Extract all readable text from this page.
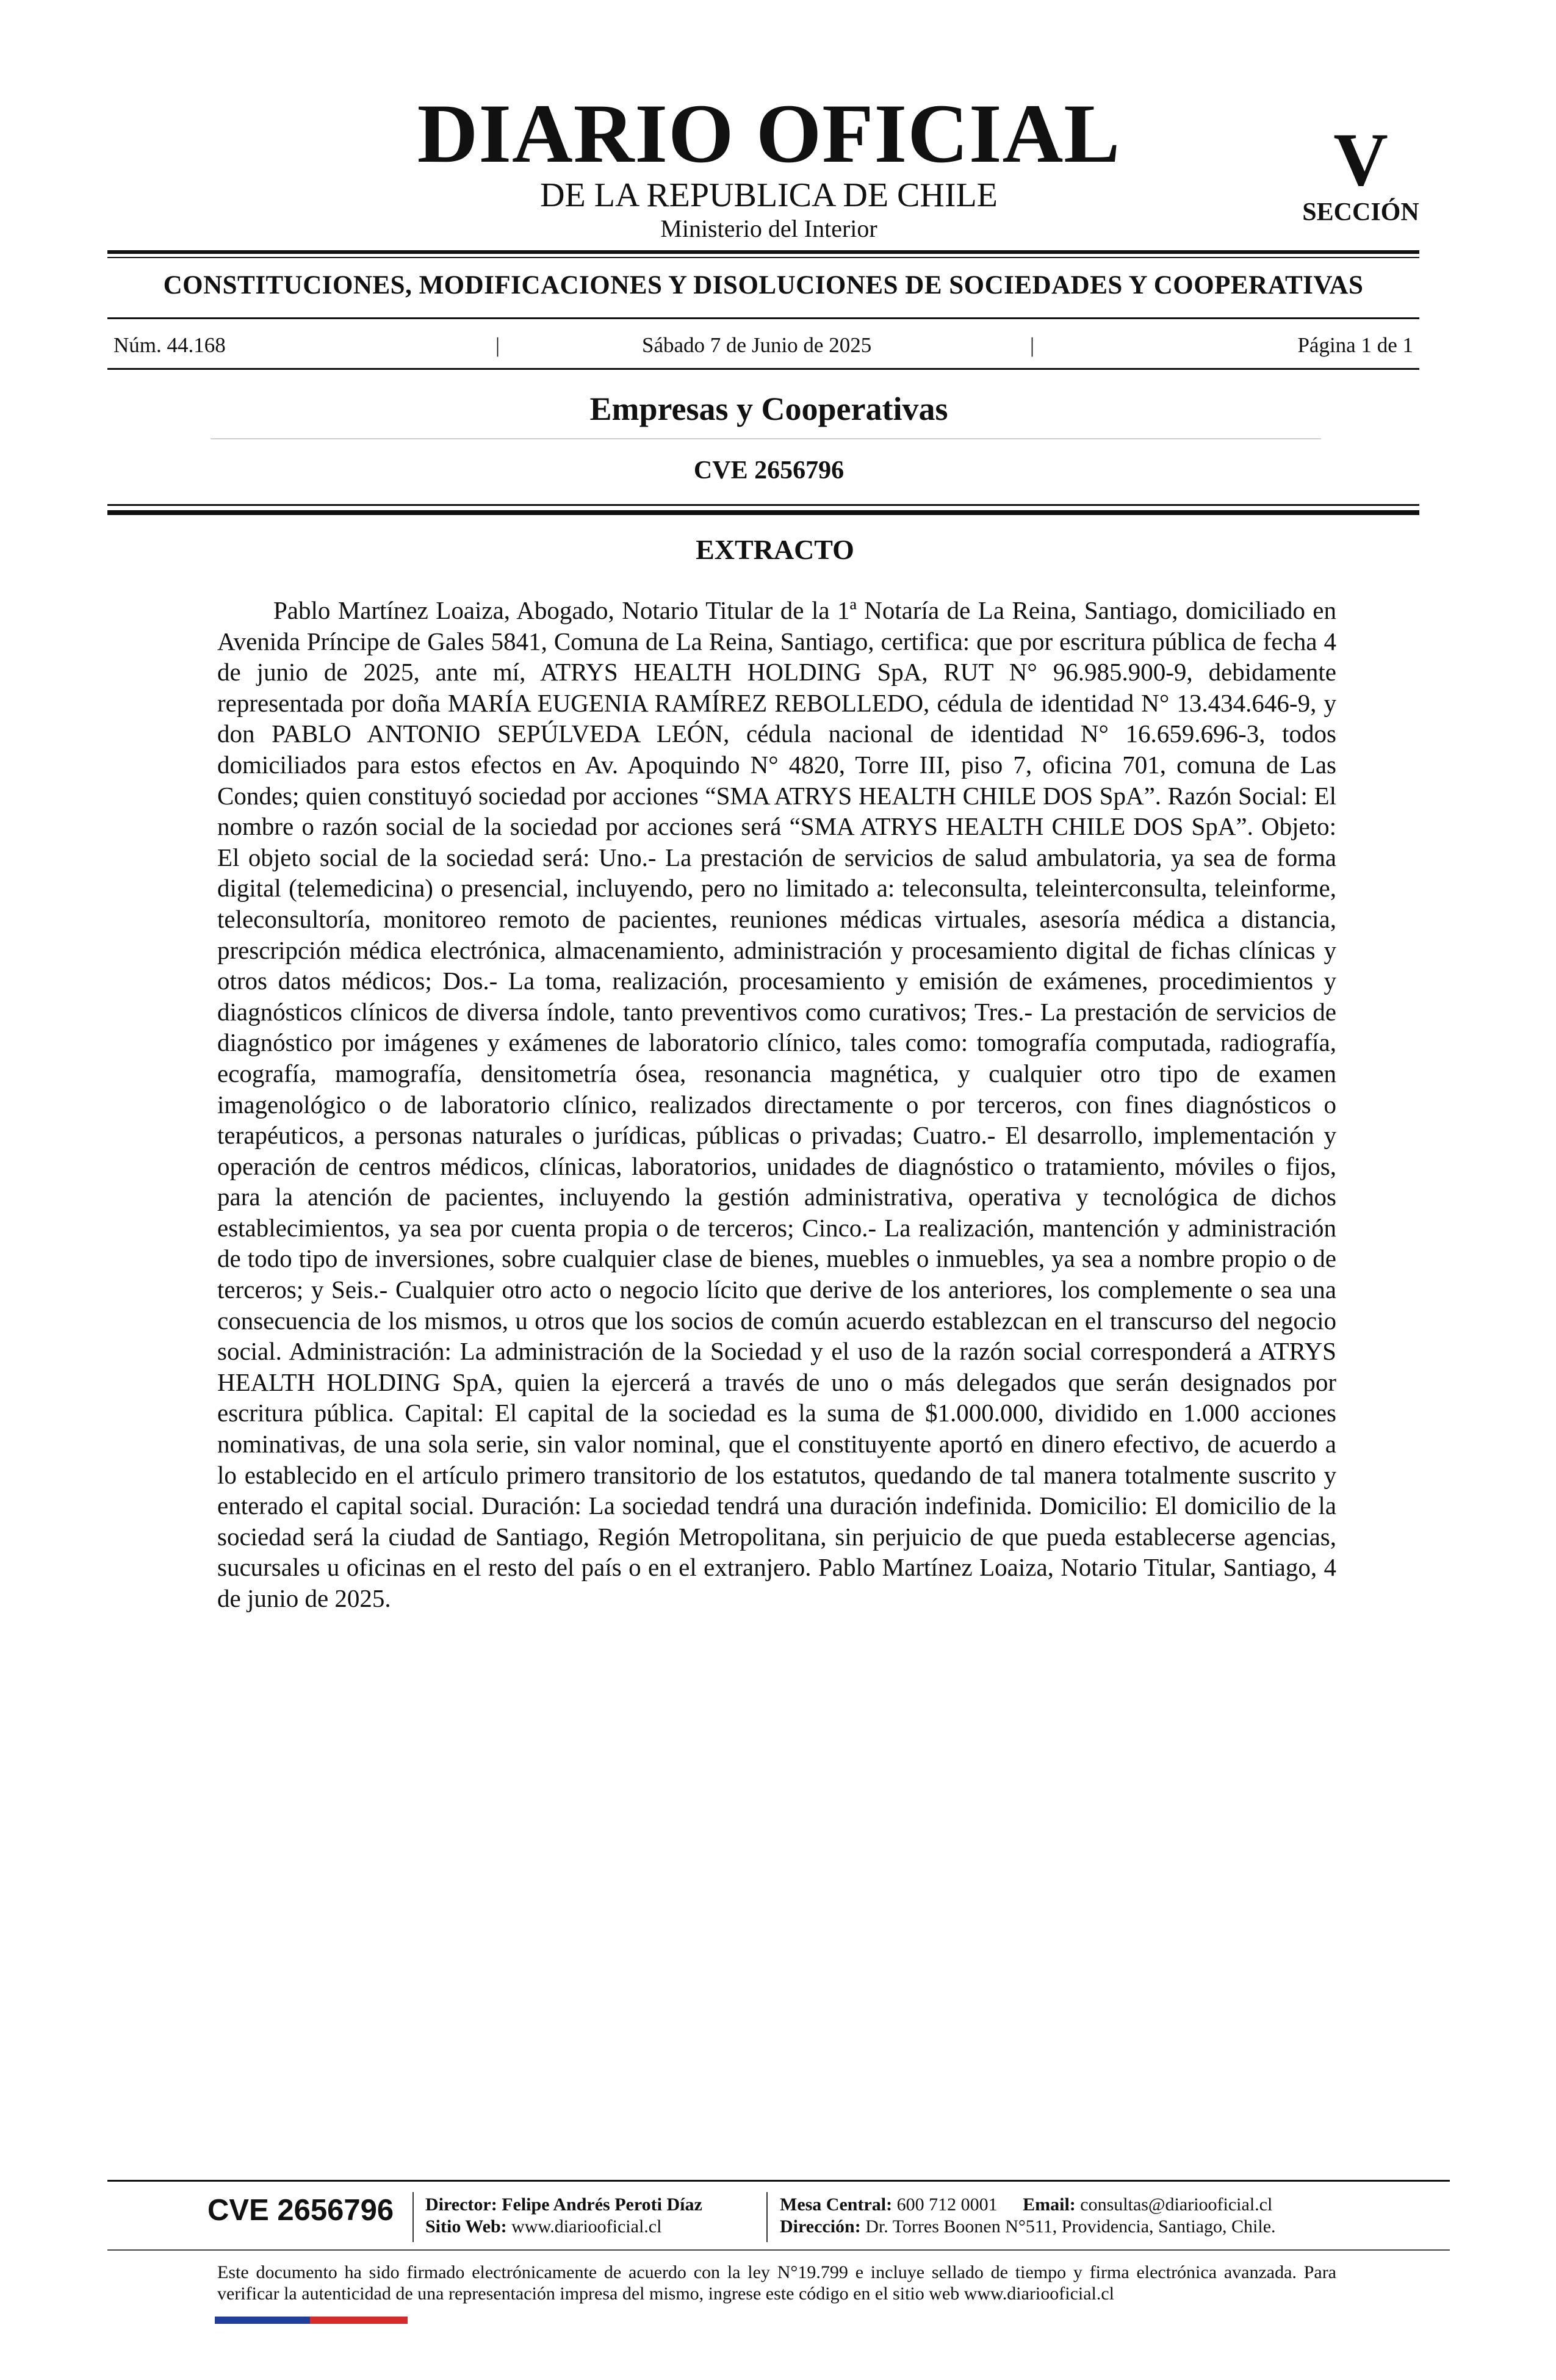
DIARIO OFICIAL
DE LA REPUBLICA DE CHILE
Ministerio del Interior
V
SECCIÓN
CONSTITUCIONES, MODIFICACIONES Y DISOLUCIONES DE SOCIEDADES Y COOPERATIVAS
Núm. 44.168	|	Sábado 7 de Junio de 2025	|	Página 1 de 1
Empresas y Cooperativas
CVE 2656796
EXTRACTO

Pablo Martínez Loaiza, Abogado, Notario Titular de la 1ª Notaría de La Reina, Santiago, domiciliado en Avenida Príncipe de Gales 5841, Comuna de La Reina, Santiago, certifica: que por escritura pública de fecha 4 de junio de 2025, ante mí, ATRYS HEALTH HOLDING SpA, RUT N° 96.985.900-9, debidamente representada por doña MARÍA EUGENIA RAMÍREZ REBOLLEDO, cédula de identidad N° 13.434.646-9, y don PABLO ANTONIO SEPÚLVEDA LEÓN, cédula nacional de identidad N° 16.659.696-3, todos domiciliados para estos efectos en Av. Apoquindo N° 4820, Torre III, piso 7, oficina 701, comuna de Las Condes; quien constituyó sociedad por acciones “SMA ATRYS HEALTH CHILE DOS SpA”. Razón Social: El nombre o razón social de la sociedad por acciones será “SMA ATRYS HEALTH CHILE DOS SpA”. Objeto: El objeto social de la sociedad será: Uno.- La prestación de servicios de salud ambulatoria, ya sea de forma digital (telemedicina) o presencial, incluyendo, pero no limitado a: teleconsulta, teleinterconsulta, teleinforme, teleconsultoría, monitoreo remoto de pacientes, reuniones médicas virtuales, asesoría médica a distancia, prescripción médica electrónica, almacenamiento, administración y procesamiento digital de fichas clínicas y otros datos médicos; Dos.- La toma, realización, procesamiento y emisión de exámenes, procedimientos y diagnósticos clínicos de diversa índole, tanto preventivos como curativos; Tres.- La prestación de servicios de diagnóstico por imágenes y exámenes de laboratorio clínico, tales como: tomografía computada, radiografía, ecografía, mamografía, densitometría ósea, resonancia magnética, y cualquier otro tipo de examen imagenológico o de laboratorio clínico, realizados directamente o por terceros, con fines diagnósticos o terapéuticos, a personas naturales o jurídicas, públicas o privadas; Cuatro.- El desarrollo, implementación y operación de centros médicos, clínicas, laboratorios, unidades de diagnóstico o tratamiento, móviles o fijos, para la atención de pacientes, incluyendo la gestión administrativa, operativa y tecnológica de dichos establecimientos, ya sea por cuenta propia o de terceros; Cinco.- La realización, mantención y administración de todo tipo de inversiones, sobre cualquier clase de bienes, muebles o inmuebles, ya sea a nombre propio o de terceros; y Seis.- Cualquier otro acto o negocio lícito que derive de los anteriores, los complemente o sea una consecuencia de los mismos, u otros que los socios de común acuerdo establezcan en el transcurso del negocio social. Administración: La administración de la Sociedad y el uso de la razón social corresponderá a ATRYS HEALTH HOLDING SpA, quien la ejercerá a través de uno o más delegados que serán designados por escritura pública. Capital: El capital de la sociedad es la suma de $1.000.000, dividido en 1.000 acciones nominativas, de una sola serie, sin valor nominal, que el constituyente aportó en dinero efectivo, de acuerdo a lo establecido en el artículo primero transitorio de los estatutos, quedando de tal manera totalmente suscrito y enterado el capital social. Duración: La sociedad tendrá una duración indefinida. Domicilio: El domicilio de la sociedad será la ciudad de Santiago, Región Metropolitana, sin perjuicio de que pueda establecerse agencias, sucursales u oficinas en el resto del país o en el extranjero. Pablo Martínez Loaiza, Notario Titular, Santiago, 4 de junio de 2025.

CVE 2656796 Director: Felipe Andrés Peroti Díaz
Sitio Web: www.diariooficial.cl
Mesa Central: 600 712 0001 Email: consultas@diariooficial.cl
Dirección: Dr. Torres Boonen N°511, Providencia, Santiago, Chile.
Este documento ha sido firmado electrónicamente de acuerdo con la ley N°19.799 e incluye sellado de tiempo y firma electrónica avanzada. Para verificar la autenticidad de una representación impresa del mismo, ingrese este código en el sitio web www.diariooficial.cl
